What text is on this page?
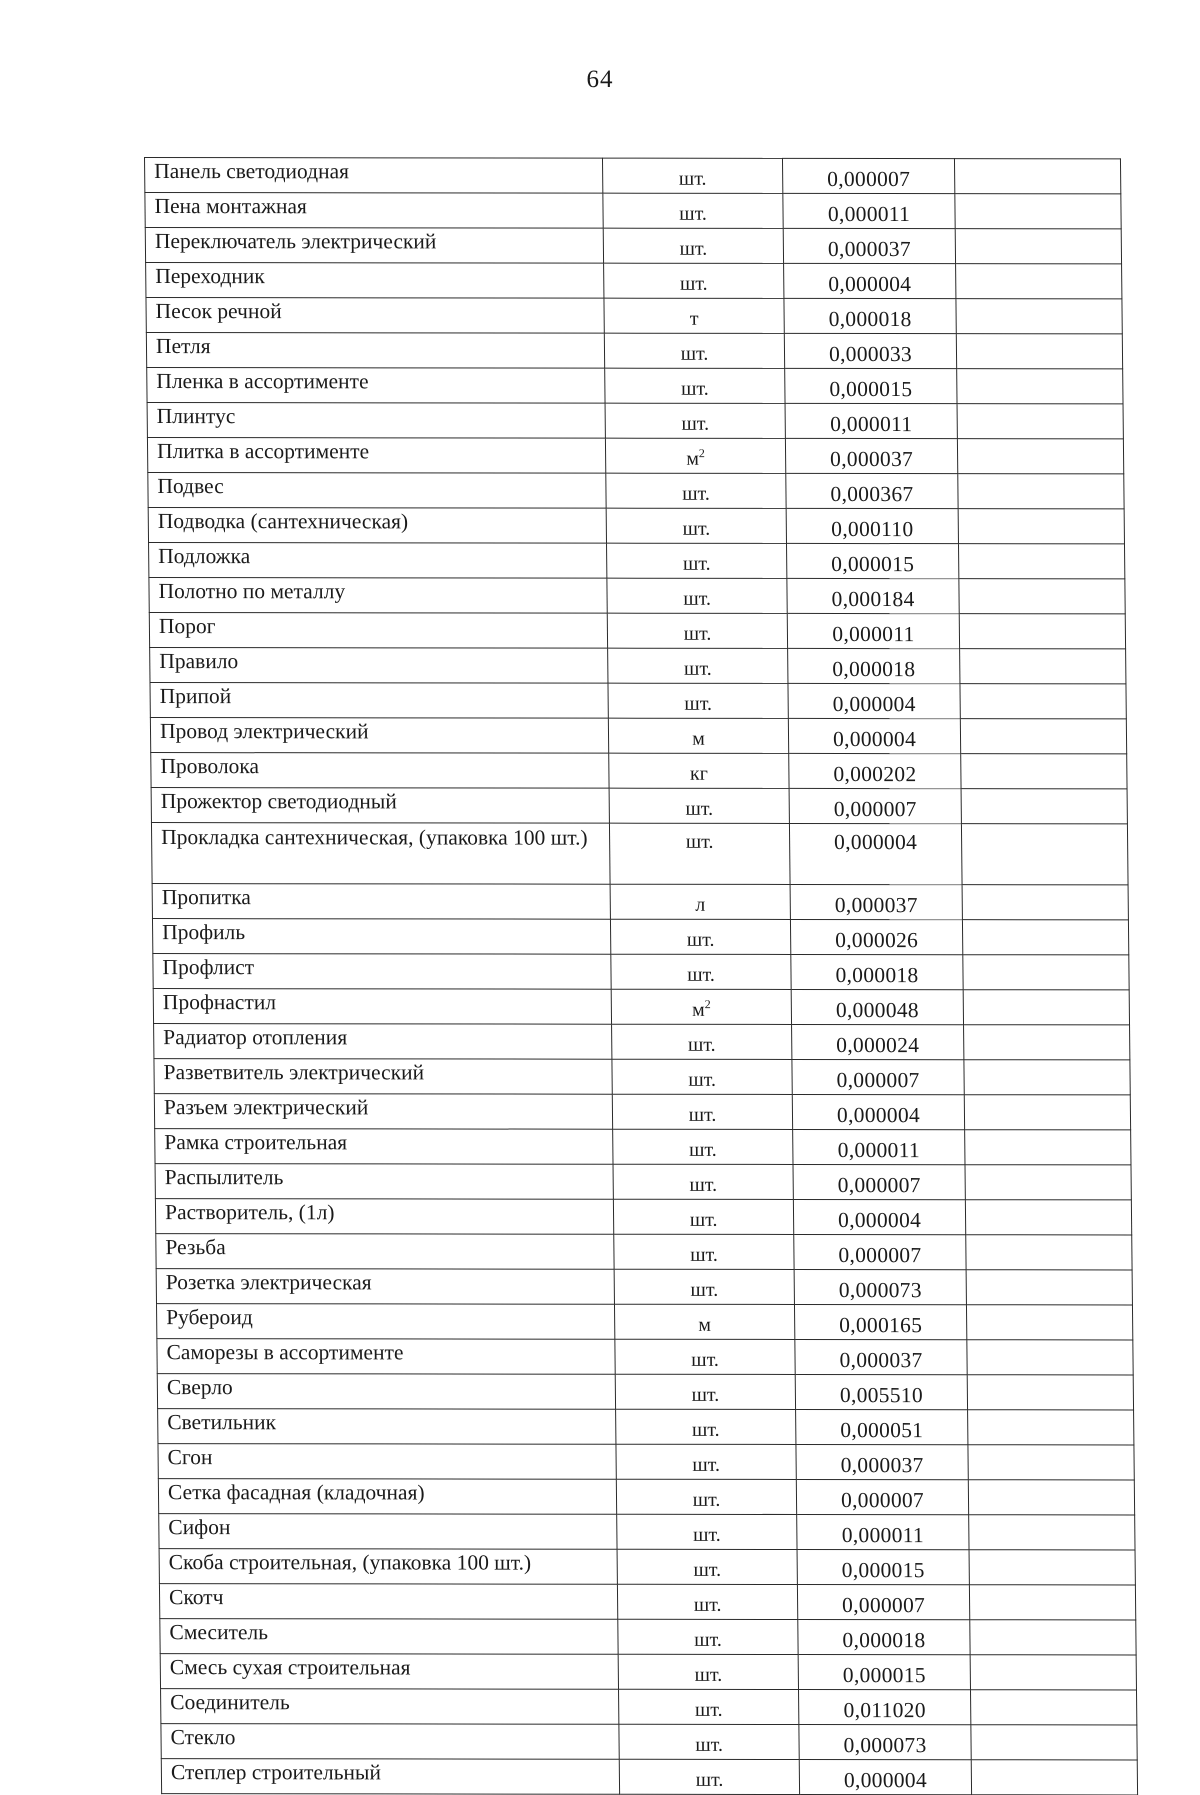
64
Панель светодиодная	шт.	0,000007	
Пена монтажная	шт.	0,000011	
Переключатель электрический	шт.	0,000037	
Переходник	шт.	0,000004	
Песок речной	т	0,000018	
Петля	шт.	0,000033	
Пленка в ассортименте	шт.	0,000015	
Плинтус	шт.	0,000011	
Плитка в ассортименте	$м^2$	0,000037	
Подвес	шт.	0,000367	
Подводка (сантехническая)	шт.	0,000110	
Подложка	шт.	0,000015	
Полотно по металлу	шт.	0,000184	
Порог	шт.	0,000011	
Правило	шт.	0,000018	
Припой	шт.	0,000004	
Провод электрический	м	0,000004	
Проволока	кг	0,000202	
Прожектор светодиодный	шт.	0,000007	
Прокладка сантехническая, (упаковка 100 шт.)	шт.	0,000004	
Пропитка	л	0,000037	
Профиль	шт.	0,000026	
Профлист	шт.	0,000018	
Профнастил	$м^2$	0,000048	
Радиатор отопления	шт.	0,000024	
Разветвитель электрический	шт.	0,000007	
Разъем электрический	шт.	0,000004	
Рамка строительная	шт.	0,000011	
Распылитель	шт.	0,000007	
Растворитель, (1л)	шт.	0,000004	
Резьба	шт.	0,000007	
Розетка электрическая	шт.	0,000073	
Рубероид	м	0,000165	
Саморезы в ассортименте	шт.	0,000037	
Сверло	шт.	0,005510	
Светильник	шт.	0,000051	
Сгон	шт.	0,000037	
Сетка фасадная (кладочная)	шт.	0,000007	
Сифон	шт.	0,000011	
Скоба строительная, (упаковка 100 шт.)	шт.	0,000015	
Скотч	шт.	0,000007	
Смеситель	шт.	0,000018	
Смесь сухая строительная	шт.	0,000015	
Соединитель	шт.	0,011020	
Стекло	шт.	0,000073	
Степлер строительный	шт.	0,000004	
